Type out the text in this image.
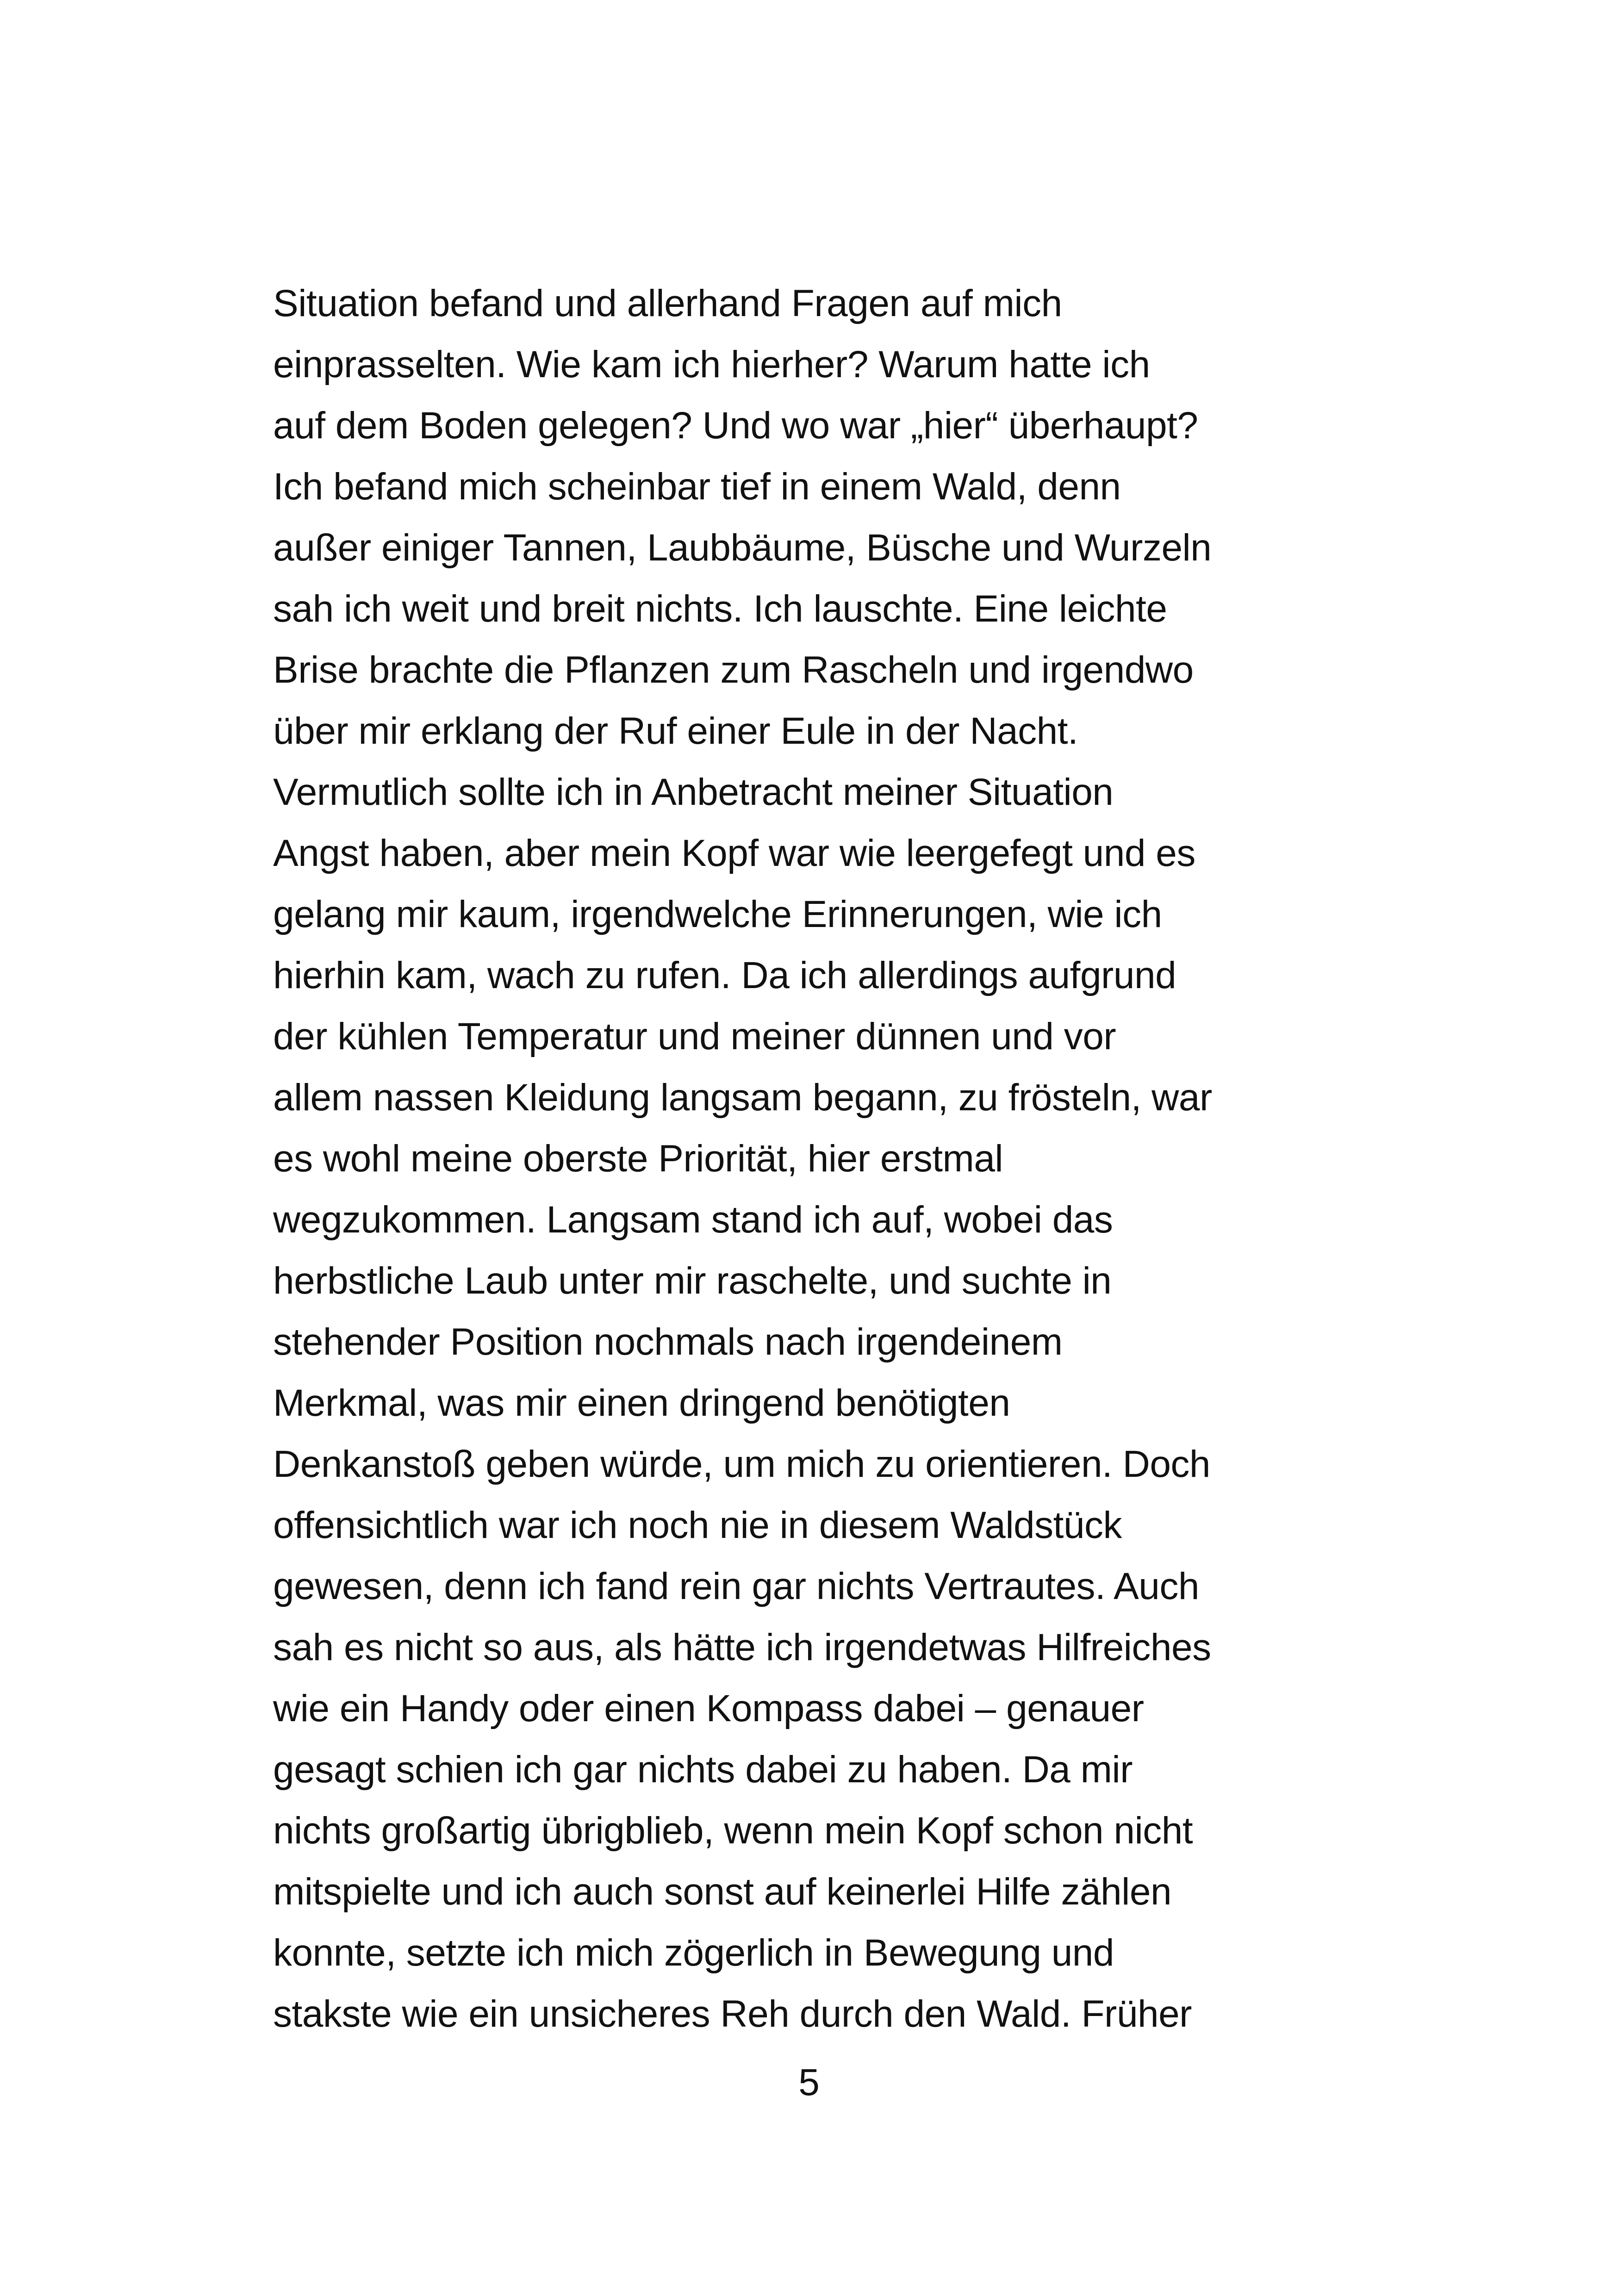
Situation befand und allerhand Fragen auf mich
einprasselten. Wie kam ich hierher? Warum hatte ich
auf dem Boden gelegen? Und wo war „hier“ überhaupt?
Ich befand mich scheinbar tief in einem Wald, denn
außer einiger Tannen, Laubbäume, Büsche und Wurzeln
sah ich weit und breit nichts. Ich lauschte. Eine leichte
Brise brachte die Pflanzen zum Rascheln und irgendwo
über mir erklang der Ruf einer Eule in der Nacht.
Vermutlich sollte ich in Anbetracht meiner Situation
Angst haben, aber mein Kopf war wie leergefegt und es
gelang mir kaum, irgendwelche Erinnerungen, wie ich
hierhin kam, wach zu rufen. Da ich allerdings aufgrund
der kühlen Temperatur und meiner dünnen und vor
allem nassen Kleidung langsam begann, zu frösteln, war
es wohl meine oberste Priorität, hier erstmal
wegzukommen. Langsam stand ich auf, wobei das
herbstliche Laub unter mir raschelte, und suchte in
stehender Position nochmals nach irgendeinem
Merkmal, was mir einen dringend benötigten
Denkanstoß geben würde, um mich zu orientieren. Doch
offensichtlich war ich noch nie in diesem Waldstück
gewesen, denn ich fand rein gar nichts Vertrautes. Auch
sah es nicht so aus, als hätte ich irgendetwas Hilfreiches
wie ein Handy oder einen Kompass dabei – genauer
gesagt schien ich gar nichts dabei zu haben. Da mir
nichts großartig übrigblieb, wenn mein Kopf schon nicht
mitspielte und ich auch sonst auf keinerlei Hilfe zählen
konnte, setzte ich mich zögerlich in Bewegung und
stakste wie ein unsicheres Reh durch den Wald. Früher
5
